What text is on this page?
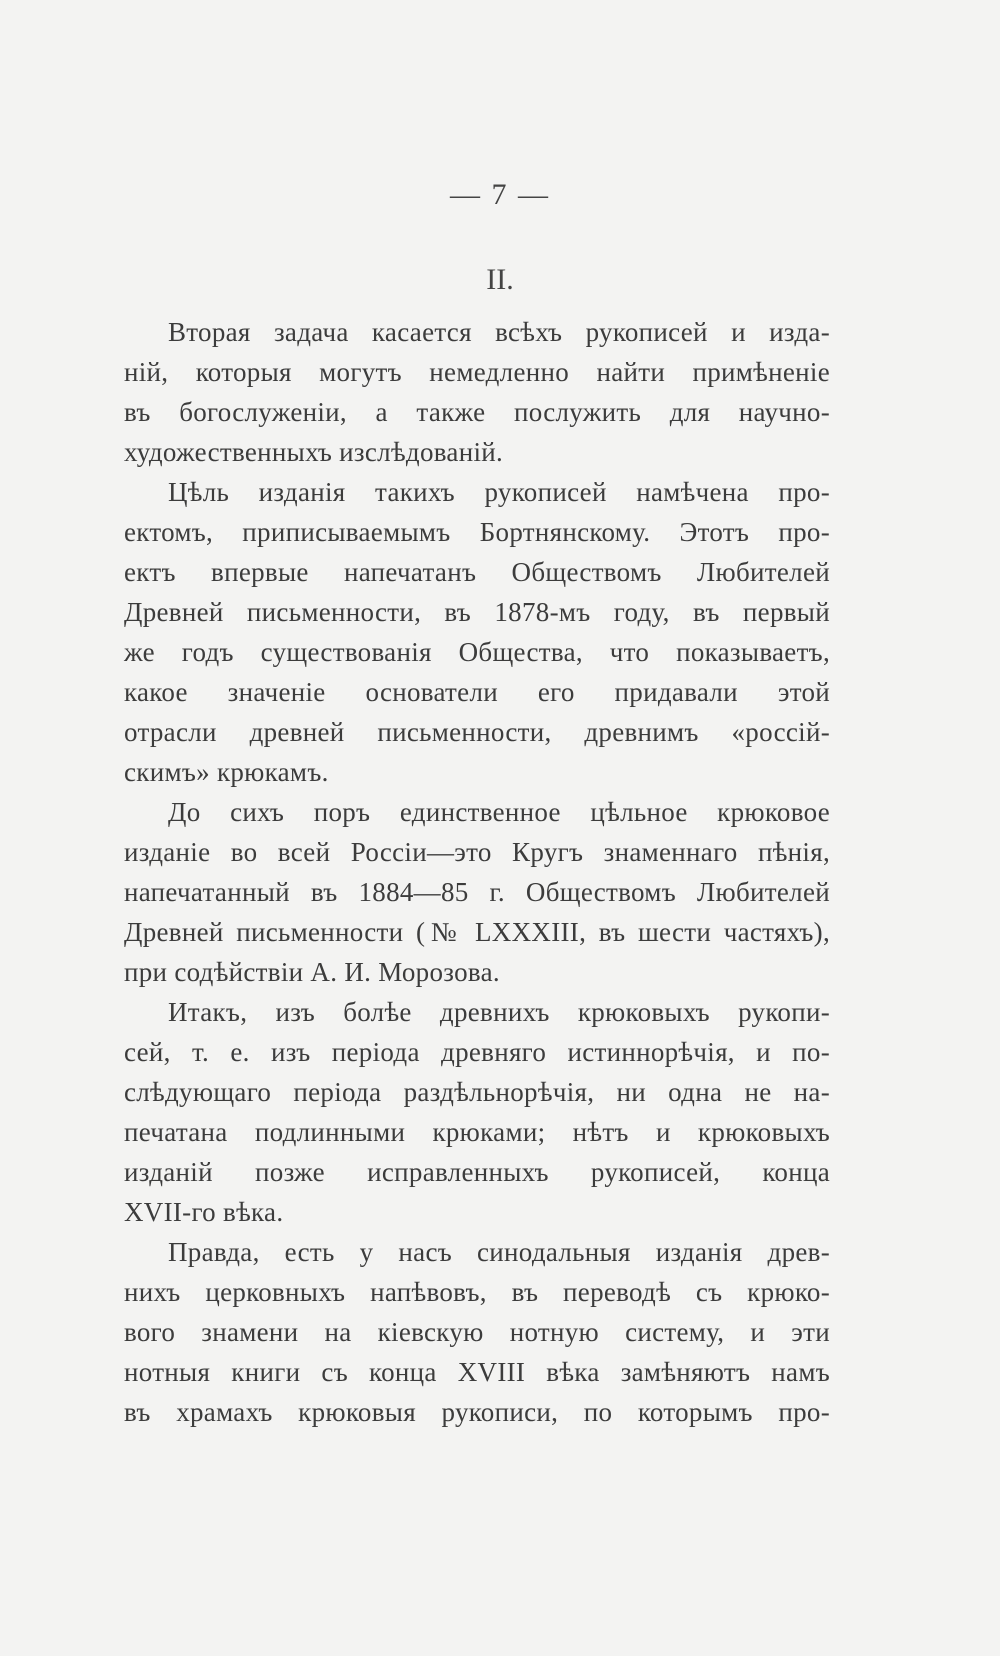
— 7 —
II.
Вторая задача касается всѣхъ рукописей и изда-
нiй, которыя могутъ немедленно найти примѣненiе
въ богослуженiи, а также послужить для научно-
художественныхъ изслѣдованiй.
Цѣль изданiя такихъ рукописей намѣчена про-
ектомъ, приписываемымъ Бортнянскому. Этотъ про-
ектъ впервые напечатанъ Обществомъ Любителей
Древней письменности, въ 1878-мъ году, въ первый
же годъ существованiя Общества, что показываетъ,
какое значенiе основатели его придавали этой
отрасли древней письменности, древнимъ «россiй-
скимъ» крюкамъ.
До сихъ поръ единственное цѣльное крюковое
изданiе во всей Россiи—это Кругъ знаменнаго пѣнiя,
напечатанный въ 1884—85 г. Обществомъ Любителей
Древней письменности (№ LXXXIII, въ шести частяхъ),
при содѣйствiи А. И. Морозова.
Итакъ, изъ болѣе древнихъ крюковыхъ рукопи-
сей, т. е. изъ перiода древняго истиннорѣчiя, и по-
слѣдующаго перiода раздѣльнорѣчiя, ни одна не на-
печатана подлинными крюками; нѣтъ и крюковыхъ
изданiй позже исправленныхъ рукописей, конца
XVII-го вѣка.
Правда, есть у насъ синодальныя изданiя древ-
нихъ церковныхъ напѣвовъ, въ переводѣ съ крюко-
вого знамени на кiевскую нотную систему, и эти
нотныя книги съ конца XVIII вѣка замѣняютъ намъ
въ храмахъ крюковыя рукописи, по которымъ про-
